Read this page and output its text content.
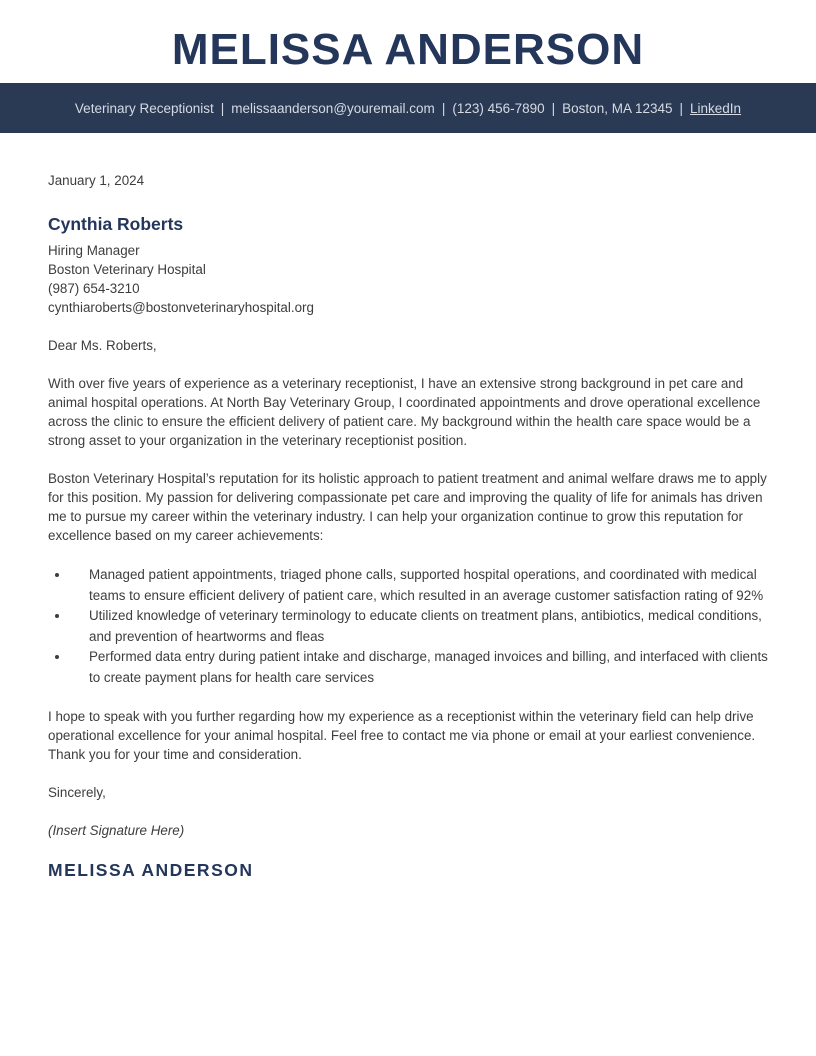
MELISSA ANDERSON
Veterinary Receptionist | melissaanderson@youremail.com | (123) 456-7890 | Boston, MA 12345 | LinkedIn

January 1, 2024

Cynthia Roberts

Hiring Manager

Boston Veterinary Hospital

(987) 654-3210

cynthiaroberts@bostonveterinaryhospital.org

Dear Ms. Roberts,

With over five years of experience as a veterinary receptionist, I have an extensive strong background in pet care and animal hospital operations. At North Bay Veterinary Group, I coordinated appointments and drove operational excellence across the clinic to ensure the efficient delivery of patient care. My background within the health care space would be a strong asset to your organization in the veterinary receptionist position.

Boston Veterinary Hospital’s reputation for its holistic approach to patient treatment and animal welfare draws me to apply for this position. My passion for delivering compassionate pet care and improving the quality of life for animals has driven me to pursue my career within the veterinary industry. I can help your organization continue to grow this reputation for excellence based on my career achievements:

• Managed patient appointments, triaged phone calls, supported hospital operations, and coordinated with medical teams to ensure efficient delivery of patient care, which resulted in an average customer satisfaction rating of 92%
• Utilized knowledge of veterinary terminology to educate clients on treatment plans, antibiotics, medical conditions, and prevention of heartworms and fleas
• Performed data entry during patient intake and discharge, managed invoices and billing, and interfaced with clients to create payment plans for health care services

I hope to speak with you further regarding how my experience as a receptionist within the veterinary field can help drive operational excellence for your animal hospital. Feel free to contact me via phone or email at your earliest convenience. Thank you for your time and consideration.

Sincerely,

(Insert Signature Here)

MELISSA ANDERSON
